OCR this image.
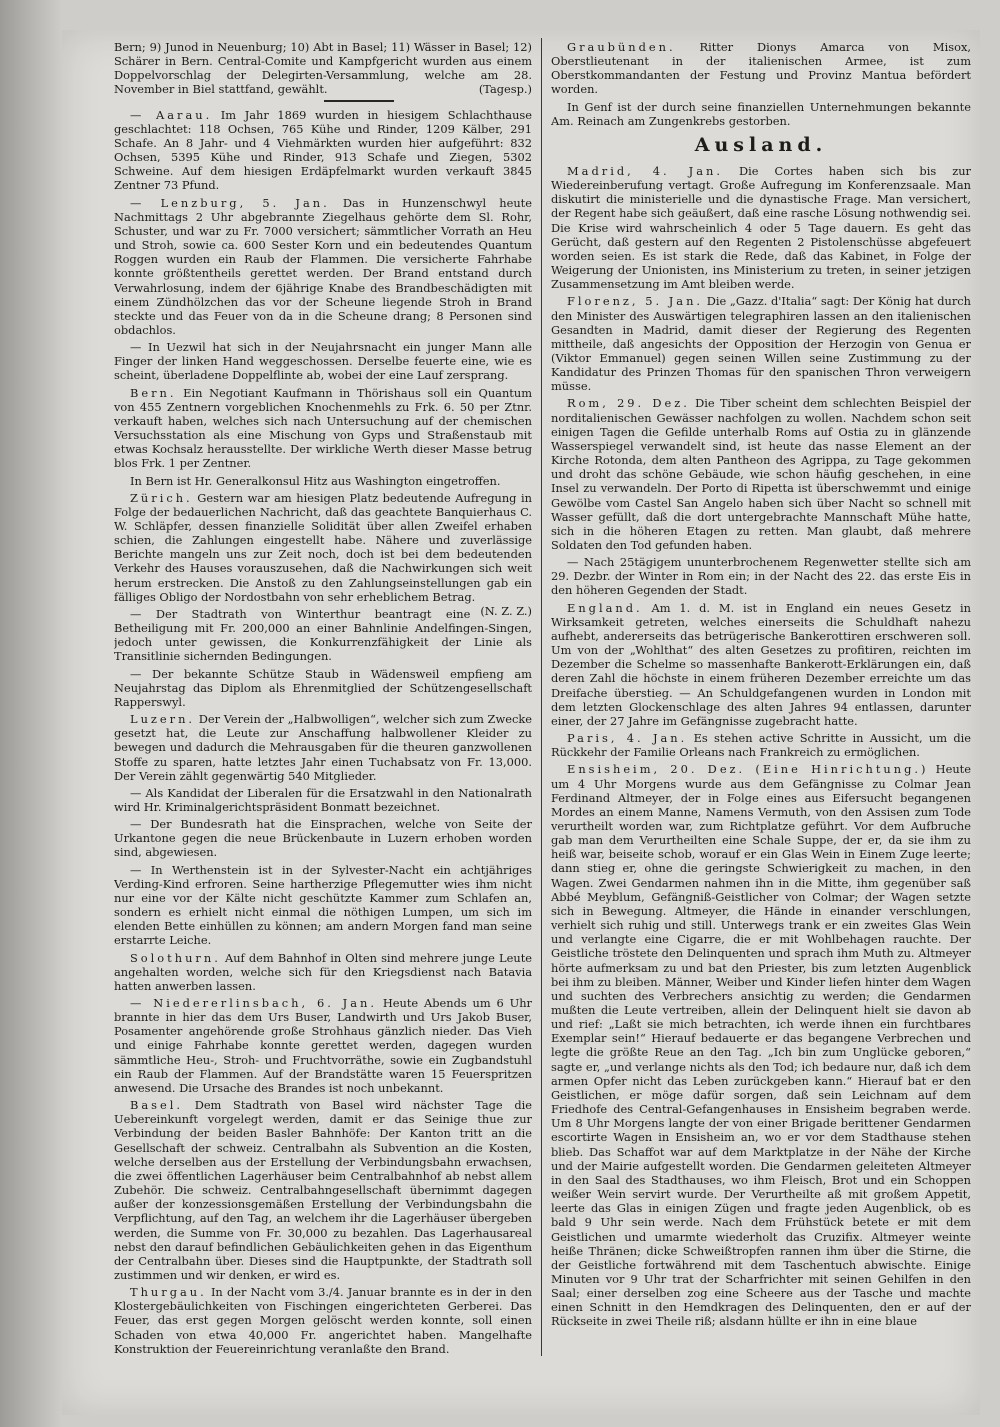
Bern; 9) Junod in Neuenburg; 10) Abt in Basel; 11) Wässer in Basel; 12) Schärer in Bern. Central-Comite und Kampfgericht wurden aus einem Doppelvorschlag der Delegirten-Versammlung, welche am 28. November in Biel stattfand, gewählt.	(Tagesp.)

— Aarau. Im Jahr 1869 wurden in hiesigem Schlachthause geschlachtet: 118 Ochsen, 765 Kühe und Rinder, 1209 Kälber, 291 Schafe. An 8 Jahr- und 4 Viehmärkten wurden hier aufgeführt: 832 Ochsen, 5395 Kühe und Rinder, 913 Schafe und Ziegen, 5302 Schweine. Auf dem hiesigen Erdäpfelmarkt wurden verkauft 3845 Zentner 73 Pfund.

— Lenzburg, 5. Jan. Das in Hunzenschwyl heute Nachmittags 2 Uhr abgebrannte Ziegelhaus gehörte dem Sl. Rohr, Schuster, und war zu Fr. 7000 versichert; sämmtlicher Vorrath an Heu und Stroh, sowie ca. 600 Sester Korn und ein bedeutendes Quantum Roggen wurden ein Raub der Flammen. Die versicherte Fahrhabe konnte größtentheils gerettet werden. Der Brand entstand durch Verwahrlosung, indem der 6jährige Knabe des Brandbeschädigten mit einem Zündhölzchen das vor der Scheune liegende Stroh in Brand steckte und das Feuer von da in die Scheune drang; 8 Personen sind obdachlos.

— In Uezwil hat sich in der Neujahrsnacht ein junger Mann alle Finger der linken Hand weggeschossen. Derselbe feuerte eine, wie es scheint, überladene Doppelflinte ab, wobei der eine Lauf zersprang.

Bern. Ein Negotiant Kaufmann in Thörishaus soll ein Quantum von 455 Zentnern vorgeblichen Knochenmehls zu Frk. 6. 50 per Ztnr. verkauft haben, welches sich nach Untersuchung auf der chemischen Versuchsstation als eine Mischung von Gyps und Straßenstaub mit etwas Kochsalz herausstellte. Der wirkliche Werth dieser Masse betrug blos Frk. 1 per Zentner.

In Bern ist Hr. Generalkonsul Hitz aus Washington eingetroffen.

Zürich. Gestern war am hiesigen Platz bedeutende Aufregung in Folge der bedauerlichen Nachricht, daß das geachtete Banquierhaus C. W. Schläpfer, dessen finanzielle Solidität über allen Zweifel erhaben schien, die Zahlungen eingestellt habe. Nähere und zuverlässige Berichte mangeln uns zur Zeit noch, doch ist bei dem bedeutenden Verkehr des Hauses vorauszusehen, daß die Nachwirkungen sich weit herum erstrecken. Die Anstoß zu den Zahlungseinstellungen gab ein fälliges Obligo der Nordostbahn von sehr erheblichem Betrag.
(N. Z. Z.)

— Der Stadtrath von Winterthur beantragt eine Betheiligung mit Fr. 200,000 an einer Bahnlinie Andelfingen-Singen, jedoch unter gewissen, die Konkurrenzfähigkeit der Linie als Transitlinie sichernden Bedingungen.

— Der bekannte Schütze Staub in Wädensweil empfieng am Neujahrstag das Diplom als Ehrenmitglied der Schützengesellschaft Rapperswyl.

Luzern. Der Verein der „Halbwolligen“, welcher sich zum Zwecke gesetzt hat, die Leute zur Anschaffung halbwollener Kleider zu bewegen und dadurch die Mehrausgaben für die theuren ganzwollenen Stoffe zu sparen, hatte letztes Jahr einen Tuchabsatz von Fr. 13,000. Der Verein zählt gegenwärtig 540 Mitglieder.

— Als Kandidat der Liberalen für die Ersatzwahl in den Nationalrath wird Hr. Kriminalgerichtspräsident Bonmatt bezeichnet.

— Der Bundesrath hat die Einsprachen, welche von Seite der Urkantone gegen die neue Brückenbaute in Luzern erhoben worden sind, abgewiesen.

— In Werthenstein ist in der Sylvester-Nacht ein achtjähriges Verding-Kind erfroren. Seine hartherzige Pflegemutter wies ihm nicht nur eine vor der Kälte nicht geschützte Kammer zum Schlafen an, sondern es erhielt nicht einmal die nöthigen Lumpen, um sich im elenden Bette einhüllen zu können; am andern Morgen fand man seine erstarrte Leiche.

Solothurn. Auf dem Bahnhof in Olten sind mehrere junge Leute angehalten worden, welche sich für den Kriegsdienst nach Batavia hatten anwerben lassen.

— Niedererlinsbach, 6. Jan. Heute Abends um 6 Uhr brannte in hier das dem Urs Buser, Landwirth und Urs Jakob Buser, Posamenter angehörende große Strohhaus gänzlich nieder. Das Vieh und einige Fahrhabe konnte gerettet werden, dagegen wurden sämmtliche Heu-, Stroh- und Fruchtvorräthe, sowie ein Zugbandstuhl ein Raub der Flammen. Auf der Brandstätte waren 15 Feuerspritzen anwesend. Die Ursache des Brandes ist noch unbekannt.

Basel. Dem Stadtrath von Basel wird nächster Tage die Uebereinkunft vorgelegt werden, damit er das Seinige thue zur Verbindung der beiden Basler Bahnhöfe: Der Kanton tritt an die Gesellschaft der schweiz. Centralbahn als Subvention an die Kosten, welche derselben aus der Erstellung der Verbindungsbahn erwachsen, die zwei öffentlichen Lagerhäuser beim Centralbahnhof ab nebst allem Zubehör. Die schweiz. Centralbahngesellschaft übernimmt dagegen außer der konzessionsgemäßen Erstellung der Verbindungsbahn die Verpflichtung, auf den Tag, an welchem ihr die Lagerhäuser übergeben werden, die Summe von Fr. 30,000 zu bezahlen. Das Lagerhausareal nebst den darauf befindlichen Gebäulichkeiten gehen in das Eigenthum der Centralbahn über. Dieses sind die Hauptpunkte, der Stadtrath soll zustimmen und wir denken, er wird es.

Thurgau. In der Nacht vom 3./4. Januar brannte es in der in den Klostergebäulichkeiten von Fischingen eingerichteten Gerberei. Das Feuer, das erst gegen Morgen gelöscht werden konnte, soll einen Schaden von etwa 40,000 Fr. angerichtet haben. Mangelhafte Konstruktion der Feuereinrichtung veranlaßte den Brand.

Graubünden. Ritter Dionys Amarca von Misox, Oberstlieutenant in der italienischen Armee, ist zum Oberstkommandanten der Festung und Provinz Mantua befördert worden.

In Genf ist der durch seine finanziellen Unternehmungen bekannte Am. Reinach am Zungenkrebs gestorben.

Ausland.

Madrid, 4. Jan. Die Cortes haben sich bis zur Wiedereinberufung vertagt. Große Aufregung im Konferenzsaale. Man diskutirt die ministerielle und die dynastische Frage. Man versichert, der Regent habe sich geäußert, daß eine rasche Lösung nothwendig sei. Die Krise wird wahrscheinlich 4 oder 5 Tage dauern. Es geht das Gerücht, daß gestern auf den Regenten 2 Pistolenschüsse abgefeuert worden seien. Es ist stark die Rede, daß das Kabinet, in Folge der Weigerung der Unionisten, ins Ministerium zu treten, in seiner jetzigen Zusammensetzung im Amt bleiben werde.

Florenz, 5. Jan. Die „Gazz. d'Italia“ sagt: Der König hat durch den Minister des Auswärtigen telegraphiren lassen an den italienischen Gesandten in Madrid, damit dieser der Regierung des Regenten mittheile, daß angesichts der Opposition der Herzogin von Genua er (Viktor Emmanuel) gegen seinen Willen seine Zustimmung zu der Kandidatur des Prinzen Thomas für den spanischen Thron verweigern müsse.

Rom, 29. Dez. Die Tiber scheint dem schlechten Beispiel der norditalienischen Gewässer nachfolgen zu wollen. Nachdem schon seit einigen Tagen die Gefilde unterhalb Roms auf Ostia zu in glänzende Wasserspiegel verwandelt sind, ist heute das nasse Element an der Kirche Rotonda, dem alten Pantheon des Agrippa, zu Tage gekommen und droht das schöne Gebäude, wie schon häufig geschehen, in eine Insel zu verwandeln. Der Porto di Ripetta ist überschwemmt und einige Gewölbe vom Castel San Angelo haben sich über Nacht so schnell mit Wasser gefüllt, daß die dort untergebrachte Mannschaft Mühe hatte, sich in die höheren Etagen zu retten. Man glaubt, daß mehrere Soldaten den Tod gefunden haben.

— Nach 25tägigem ununterbrochenem Regenwetter stellte sich am 29. Dezbr. der Winter in Rom ein; in der Nacht des 22. das erste Eis in den höheren Gegenden der Stadt.

England. Am 1. d. M. ist in England ein neues Gesetz in Wirksamkeit getreten, welches einerseits die Schuldhaft nahezu aufhebt, andererseits das betrügerische Bankerottiren erschweren soll. Um von der „Wohlthat“ des alten Gesetzes zu profitiren, reichten im Dezember die Schelme so massenhafte Bankerott-Erklärungen ein, daß deren Zahl die höchste in einem früheren Dezember erreichte um das Dreifache überstieg. — An Schuldgefangenen wurden in London mit dem letzten Glockenschlage des alten Jahres 94 entlassen, darunter einer, der 27 Jahre im Gefängnisse zugebracht hatte.

Paris, 4. Jan. Es stehen active Schritte in Aussicht, um die Rückkehr der Familie Orleans nach Frankreich zu ermöglichen.

Ensisheim, 20. Dez. (Eine Hinrichtung.) Heute um 4 Uhr Morgens wurde aus dem Gefängnisse zu Colmar Jean Ferdinand Altmeyer, der in Folge eines aus Eifersucht begangenen Mordes an einem Manne, Namens Vermuth, von den Assisen zum Tode verurtheilt worden war, zum Richtplatze geführt. Vor dem Aufbruche gab man dem Verurtheilten eine Schale Suppe, der er, da sie ihm zu heiß war, beiseite schob, worauf er ein Glas Wein in Einem Zuge leerte; dann stieg er, ohne die geringste Schwierigkeit zu machen, in den Wagen. Zwei Gendarmen nahmen ihn in die Mitte, ihm gegenüber saß Abbé Meyblum, Gefängniß-Geistlicher von Colmar; der Wagen setzte sich in Bewegung. Altmeyer, die Hände in einander verschlungen, verhielt sich ruhig und still. Unterwegs trank er ein zweites Glas Wein und verlangte eine Cigarre, die er mit Wohlbehagen rauchte. Der Geistliche tröstete den Delinquenten und sprach ihm Muth zu. Altmeyer hörte aufmerksam zu und bat den Priester, bis zum letzten Augenblick bei ihm zu bleiben. Männer, Weiber und Kinder liefen hinter dem Wagen und suchten des Verbrechers ansichtig zu werden; die Gendarmen mußten die Leute vertreiben, allein der Delinquent hielt sie davon ab und rief: „Laßt sie mich betrachten, ich werde ihnen ein furchtbares Exemplar sein!“ Hierauf bedauerte er das begangene Verbrechen und legte die größte Reue an den Tag. „Ich bin zum Unglücke geboren,“ sagte er, „und verlange nichts als den Tod; ich bedaure nur, daß ich dem armen Opfer nicht das Leben zurückgeben kann.“ Hierauf bat er den Geistlichen, er möge dafür sorgen, daß sein Leichnam auf dem Friedhofe des Central-Gefangenhauses in Ensisheim begraben werde. Um 8 Uhr Morgens langte der von einer Brigade berittener Gendarmen escortirte Wagen in Ensisheim an, wo er vor dem Stadthause stehen blieb. Das Schaffot war auf dem Marktplatze in der Nähe der Kirche und der Mairie aufgestellt worden. Die Gendarmen geleiteten Altmeyer in den Saal des Stadthauses, wo ihm Fleisch, Brot und ein Schoppen weißer Wein servirt wurde. Der Verurtheilte aß mit großem Appetit, leerte das Glas in einigen Zügen und fragte jeden Augenblick, ob es bald 9 Uhr sein werde. Nach dem Frühstück betete er mit dem Geistlichen und umarmte wiederholt das Cruzifix. Altmeyer weinte heiße Thränen; dicke Schweißtropfen rannen ihm über die Stirne, die der Geistliche fortwährend mit dem Taschentuch abwischte. Einige Minuten vor 9 Uhr trat der Scharfrichter mit seinen Gehilfen in den Saal; einer derselben zog eine Scheere aus der Tasche und machte einen Schnitt in den Hemdkragen des Delinquenten, den er auf der Rückseite in zwei Theile riß; alsdann hüllte er ihn in eine blaue
